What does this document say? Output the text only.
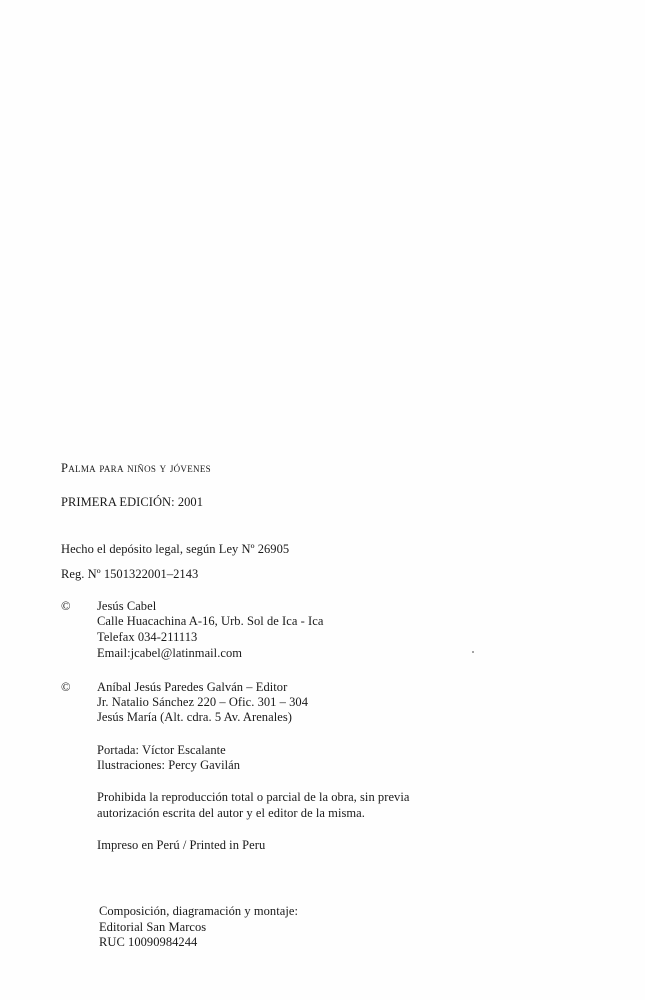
Palma para niños y jóvenes
PRIMERA EDICIÓN: 2001
Hecho el depósito legal, según Ley Nº 26905
Reg. Nº 1501322001–2143
© Jesús Cabel
Calle Huacachina A-16, Urb. Sol de Ica - Ica
Telefax 034-211113
Email:jcabel@latinmail.com
© Aníbal Jesús Paredes Galván – Editor
Jr. Natalio Sánchez 220 – Ofic. 301 – 304
Jesús María (Alt. cdra. 5 Av. Arenales)
Portada: Víctor Escalante
Ilustraciones: Percy Gavilán
Prohibida la reproducción total o parcial de la obra, sin previa
autorización escrita del autor y el editor de la misma.
Impreso en Perú / Printed in Peru
Composición, diagramación y montaje:
Editorial San Marcos
RUC 10090984244
